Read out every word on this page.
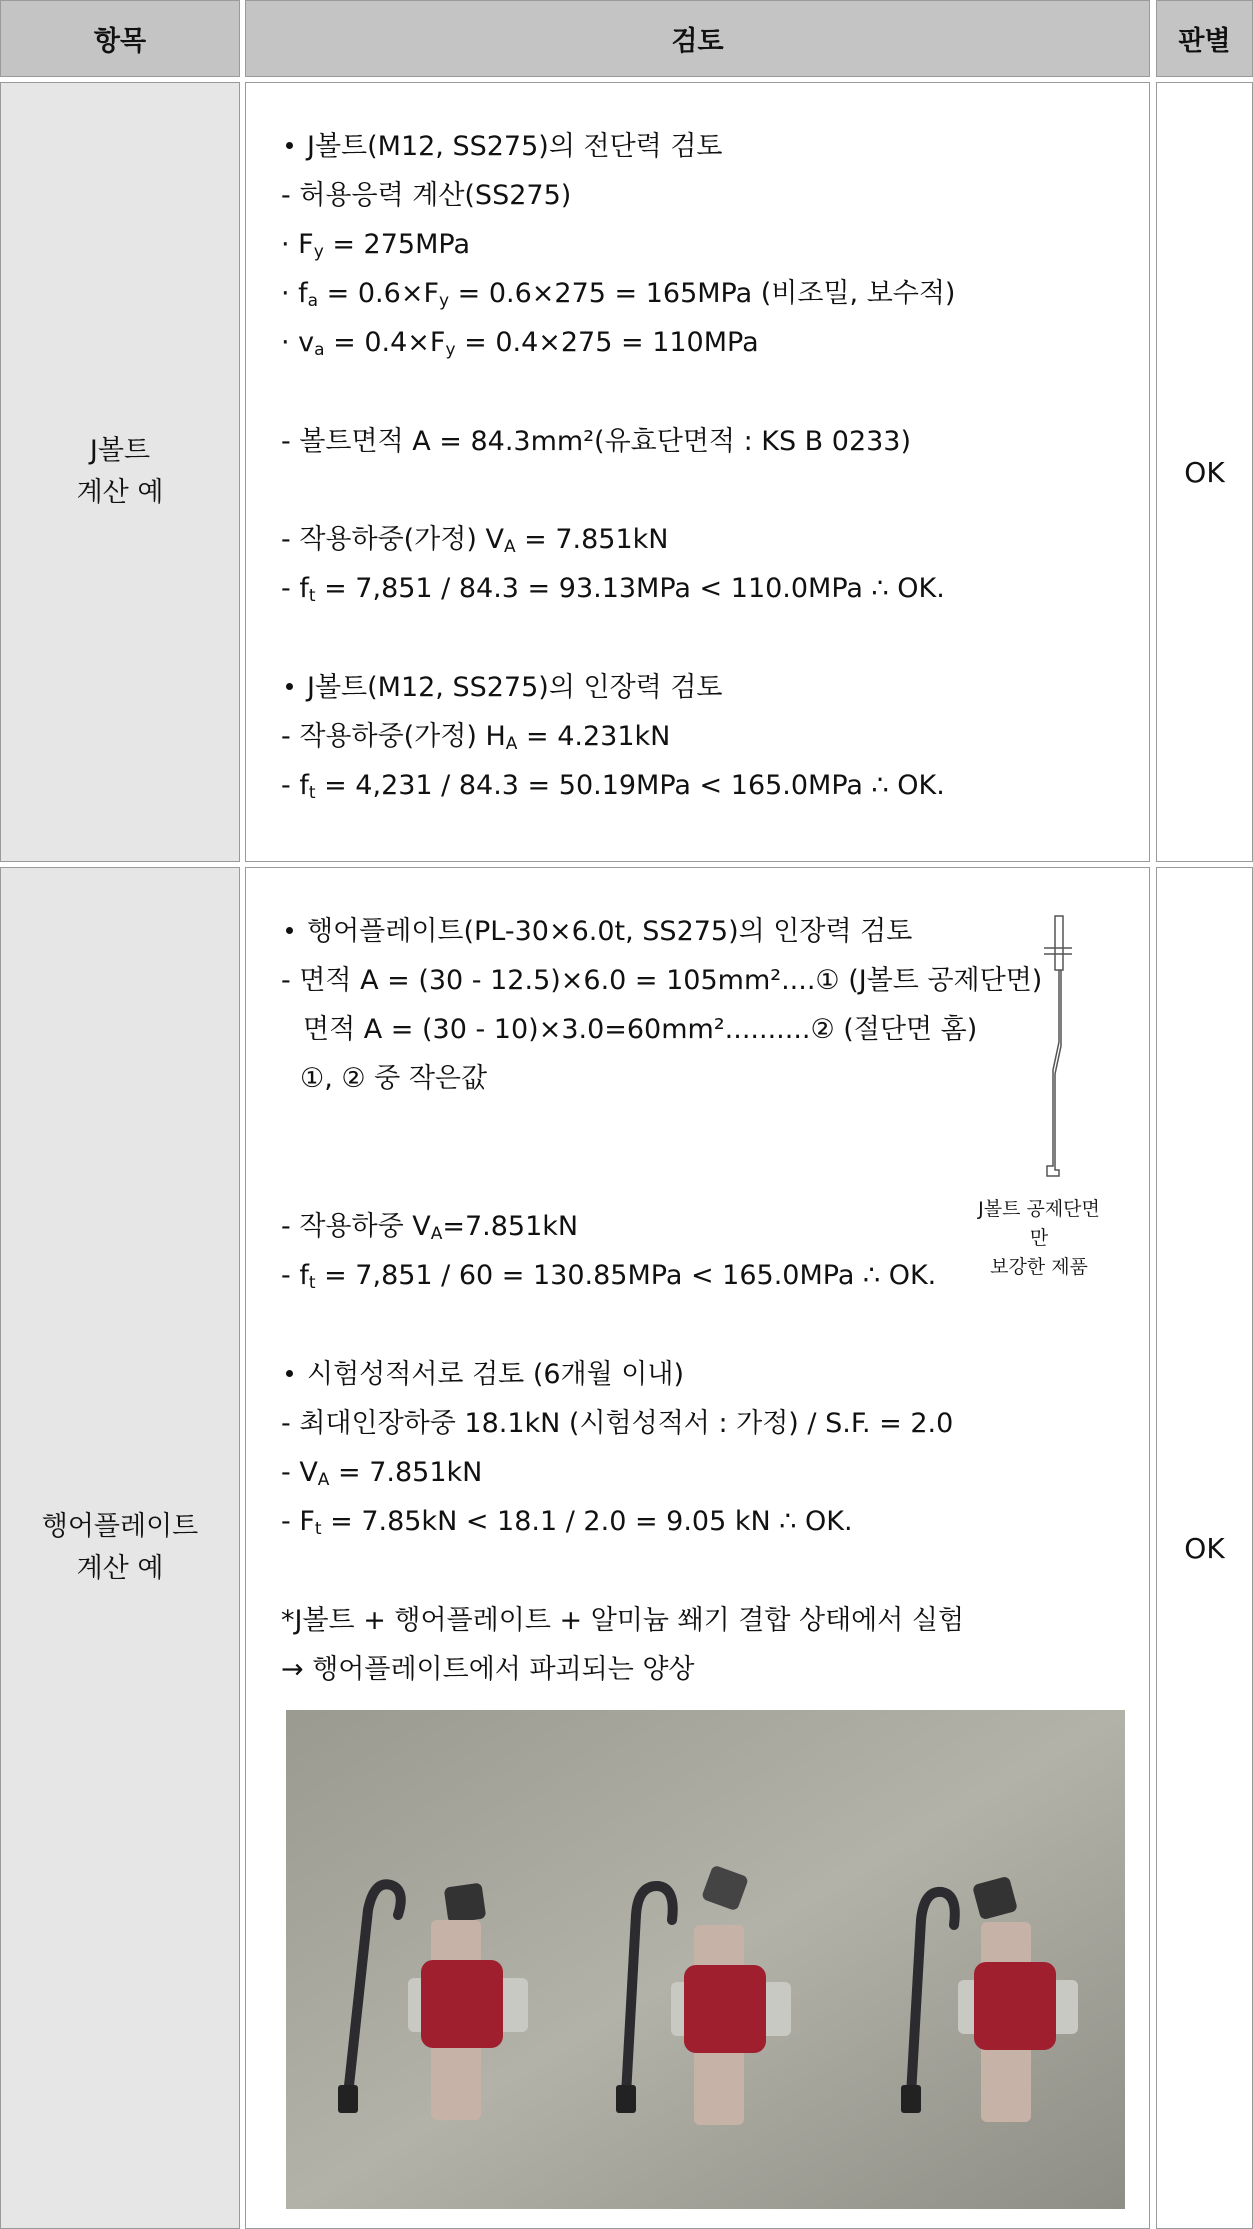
항목	검토	판별
J볼트
계산 예
J볼트(M12, SS275)의 전단력 검토
- 허용응력 계산(SS275)
· $F_y = 275MPa$
· $f_a = 0.6\times F_y = 0.6\times 275 = 165MPa$ (비조밀, 보수적)
· $v_a = 0.4\times F_y = 0.4\times 275 = 110MPa$
- 볼트면적 A = 84.3mm²(유효단면적 : KS B 0233)
- 작용하중(가정) $V_A = 7.851kN$
- $f_t = 7,851 / 84.3 = 93.13MPa < 110.0MPa$ ∴ OK.
J볼트(M12, SS275)의 인장력 검토
- 작용하중(가정) $H_A = 4.231kN$
- $f_t = 4,231 / 84.3 = 50.19MPa < 165.0MPa$ ∴ OK.
OK
행어플레이트
계산 예
행어플레이트(PL-30×6.0t, SS275)의 인장력 검토
- 면적 A = (30 - 12.5)×6.0 = 105mm²....① (J볼트 공제단면)
면적 A = (30 - 10)×3.0=60mm²..........② (절단면 홈)
①, ② 중 작은값
J볼트 공제단면만
보강한 제품
- 작용하중 $V_A=7.851kN$
- $f_t = 7,851 / 60 = 130.85MPa < 165.0MPa$ ∴ OK.
시험성적서로 검토 (6개월 이내)
- 최대인장하중 18.1kN (시험성적서 : 가정) / S.F. = 2.0
- $V_A = 7.851kN$
- $F_t = 7.85kN < 18.1 / 2.0 = 9.05$ kN ∴ OK.
*J볼트 + 행어플레이트 + 알미늄 쐐기 결합 상태에서 실험
→ 행어플레이트에서 파괴되는 양상
OK
